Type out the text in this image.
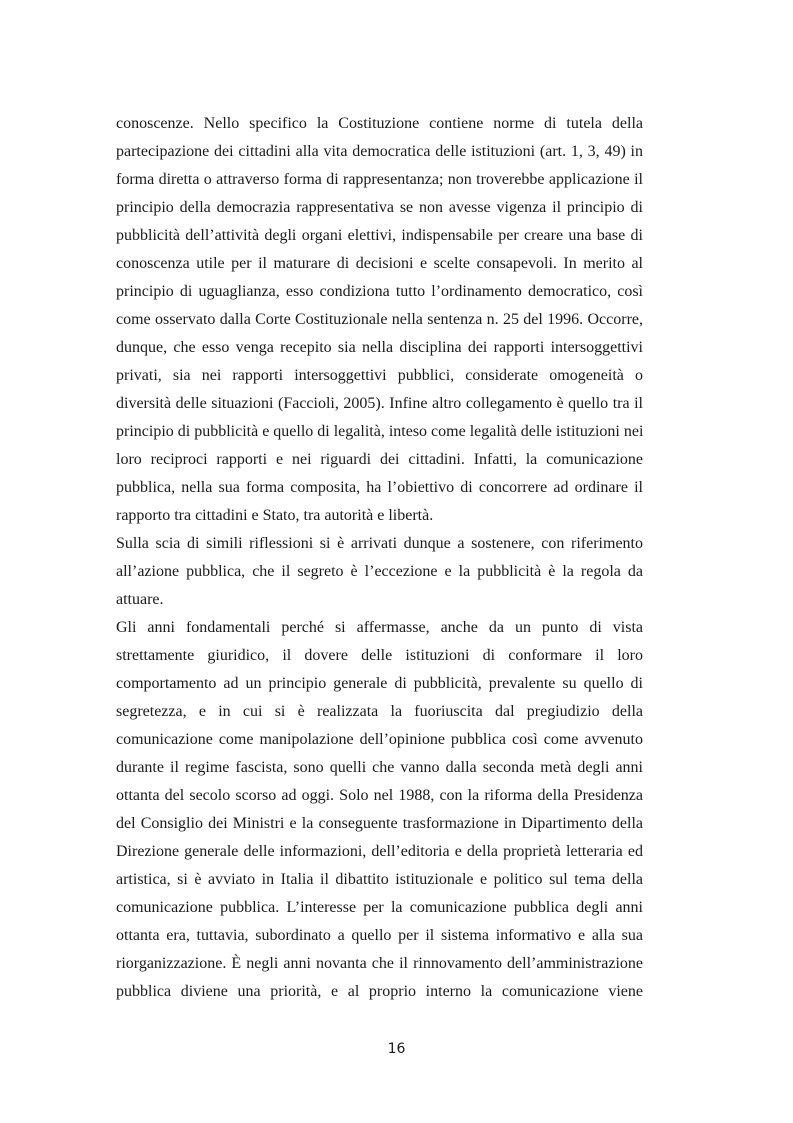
conoscenze. Nello specifico la Costituzione contiene norme di tutela della
partecipazione dei cittadini alla vita democratica delle istituzioni (art. 1, 3, 49) in
forma diretta o attraverso forma di rappresentanza; non troverebbe applicazione il
principio della democrazia rappresentativa se non avesse vigenza il principio di
pubblicità dell’attività degli organi elettivi, indispensabile per creare una base di
conoscenza utile per il maturare di decisioni e scelte consapevoli. In merito al
principio di uguaglianza, esso condiziona tutto l’ordinamento democratico, così
come osservato dalla Corte Costituzionale nella sentenza n. 25 del 1996. Occorre,
dunque, che esso venga recepito sia nella disciplina dei rapporti intersoggettivi
privati, sia nei rapporti intersoggettivi pubblici, considerate omogeneità o
diversità delle situazioni (Faccioli, 2005). Infine altro collegamento è quello tra il
principio di pubblicità e quello di legalità, inteso come legalità delle istituzioni nei
loro reciproci rapporti e nei riguardi dei cittadini. Infatti, la comunicazione
pubblica, nella sua forma composita, ha l’obiettivo di concorrere ad ordinare il
rapporto tra cittadini e Stato, tra autorità e libertà.
Sulla scia di simili riflessioni si è arrivati dunque a sostenere, con riferimento
all’azione pubblica, che il segreto è l’eccezione e la pubblicità è la regola da
attuare.
Gli anni fondamentali perché si affermasse, anche da un punto di vista
strettamente giuridico, il dovere delle istituzioni di conformare il loro
comportamento ad un principio generale di pubblicità, prevalente su quello di
segretezza, e in cui si è realizzata la fuoriuscita dal pregiudizio della
comunicazione come manipolazione dell’opinione pubblica così come avvenuto
durante il regime fascista, sono quelli che vanno dalla seconda metà degli anni
ottanta del secolo scorso ad oggi. Solo nel 1988, con la riforma della Presidenza
del Consiglio dei Ministri e la conseguente trasformazione in Dipartimento della
Direzione generale delle informazioni, dell’editoria e della proprietà letteraria ed
artistica, si è avviato in Italia il dibattito istituzionale e politico sul tema della
comunicazione pubblica. L’interesse per la comunicazione pubblica degli anni
ottanta era, tuttavia, subordinato a quello per il sistema informativo e alla sua
riorganizzazione. È negli anni novanta che il rinnovamento dell’amministrazione
pubblica diviene una priorità, e al proprio interno la comunicazione viene
16
